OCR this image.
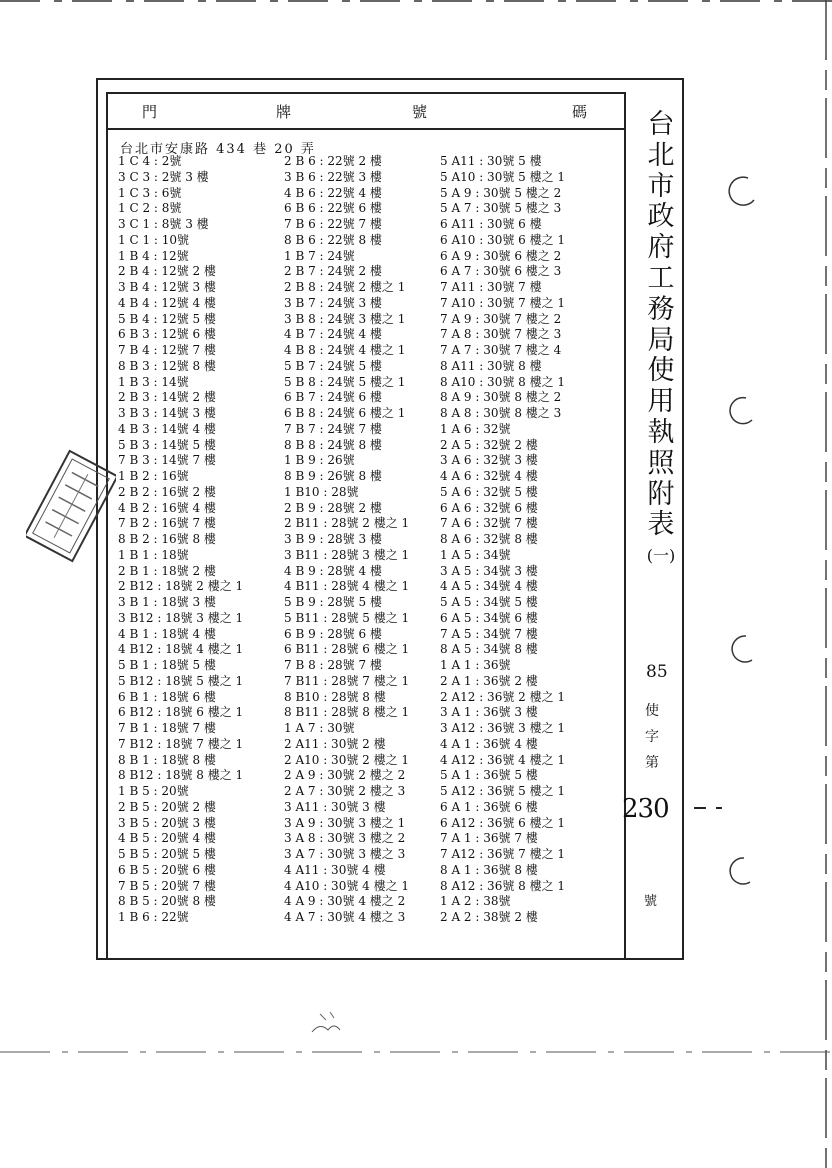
門	牌	號	碼
台北市安康路 434 巷 20 弄
1 C 4 : 2號
3 C 3 : 2號 3 樓
1 C 3 : 6號
1 C 2 : 8號
3 C 1 : 8號 3 樓
1 C 1 : 10號
1 B 4 : 12號
2 B 4 : 12號 2 樓
3 B 4 : 12號 3 樓
4 B 4 : 12號 4 樓
5 B 4 : 12號 5 樓
6 B 3 : 12號 6 樓
7 B 4 : 12號 7 樓
8 B 3 : 12號 8 樓
1 B 3 : 14號
2 B 3 : 14號 2 樓
3 B 3 : 14號 3 樓
4 B 3 : 14號 4 樓
5 B 3 : 14號 5 樓
7 B 3 : 14號 7 樓
1 B 2 : 16號
2 B 2 : 16號 2 樓
4 B 2 : 16號 4 樓
7 B 2 : 16號 7 樓
8 B 2 : 16號 8 樓
1 B 1 : 18號
2 B 1 : 18號 2 樓
2 B12 : 18號 2 樓之 1
3 B 1 : 18號 3 樓
3 B12 : 18號 3 樓之 1
4 B 1 : 18號 4 樓
4 B12 : 18號 4 樓之 1
5 B 1 : 18號 5 樓
5 B12 : 18號 5 樓之 1
6 B 1 : 18號 6 樓
6 B12 : 18號 6 樓之 1
7 B 1 : 18號 7 樓
7 B12 : 18號 7 樓之 1
8 B 1 : 18號 8 樓
8 B12 : 18號 8 樓之 1
1 B 5 : 20號
2 B 5 : 20號 2 樓
3 B 5 : 20號 3 樓
4 B 5 : 20號 4 樓
5 B 5 : 20號 5 樓
6 B 5 : 20號 6 樓
7 B 5 : 20號 7 樓
8 B 5 : 20號 8 樓
1 B 6 : 22號
2 B 6 : 22號 2 樓
3 B 6 : 22號 3 樓
4 B 6 : 22號 4 樓
6 B 6 : 22號 6 樓
7 B 6 : 22號 7 樓
8 B 6 : 22號 8 樓
1 B 7 : 24號
2 B 7 : 24號 2 樓
2 B 8 : 24號 2 樓之 1
3 B 7 : 24號 3 樓
3 B 8 : 24號 3 樓之 1
4 B 7 : 24號 4 樓
4 B 8 : 24號 4 樓之 1
5 B 7 : 24號 5 樓
5 B 8 : 24號 5 樓之 1
6 B 7 : 24號 6 樓
6 B 8 : 24號 6 樓之 1
7 B 7 : 24號 7 樓
8 B 8 : 24號 8 樓
1 B 9 : 26號
8 B 9 : 26號 8 樓
1 B10 : 28號
2 B 9 : 28號 2 樓
2 B11 : 28號 2 樓之 1
3 B 9 : 28號 3 樓
3 B11 : 28號 3 樓之 1
4 B 9 : 28號 4 樓
4 B11 : 28號 4 樓之 1
5 B 9 : 28號 5 樓
5 B11 : 28號 5 樓之 1
6 B 9 : 28號 6 樓
6 B11 : 28號 6 樓之 1
7 B 8 : 28號 7 樓
7 B11 : 28號 7 樓之 1
8 B10 : 28號 8 樓
8 B11 : 28號 8 樓之 1
1 A 7 : 30號
2 A11 : 30號 2 樓
2 A10 : 30號 2 樓之 1
2 A 9 : 30號 2 樓之 2
2 A 7 : 30號 2 樓之 3
3 A11 : 30號 3 樓
3 A 9 : 30號 3 樓之 1
3 A 8 : 30號 3 樓之 2
3 A 7 : 30號 3 樓之 3
4 A11 : 30號 4 樓
4 A10 : 30號 4 樓之 1
4 A 9 : 30號 4 樓之 2
4 A 7 : 30號 4 樓之 3
5 A11 : 30號 5 樓
5 A10 : 30號 5 樓之 1
5 A 9 : 30號 5 樓之 2
5 A 7 : 30號 5 樓之 3
6 A11 : 30號 6 樓
6 A10 : 30號 6 樓之 1
6 A 9 : 30號 6 樓之 2
6 A 7 : 30號 6 樓之 3
7 A11 : 30號 7 樓
7 A10 : 30號 7 樓之 1
7 A 9 : 30號 7 樓之 2
7 A 8 : 30號 7 樓之 3
7 A 7 : 30號 7 樓之 4
8 A11 : 30號 8 樓
8 A10 : 30號 8 樓之 1
8 A 9 : 30號 8 樓之 2
8 A 8 : 30號 8 樓之 3
1 A 6 : 32號
2 A 5 : 32號 2 樓
3 A 6 : 32號 3 樓
4 A 6 : 32號 4 樓
5 A 6 : 32號 5 樓
6 A 6 : 32號 6 樓
7 A 6 : 32號 7 樓
8 A 6 : 32號 8 樓
1 A 5 : 34號
3 A 5 : 34號 3 樓
4 A 5 : 34號 4 樓
5 A 5 : 34號 5 樓
6 A 5 : 34號 6 樓
7 A 5 : 34號 7 樓
8 A 5 : 34號 8 樓
1 A 1 : 36號
2 A 1 : 36號 2 樓
2 A12 : 36號 2 樓之 1
3 A 1 : 36號 3 樓
3 A12 : 36號 3 樓之 1
4 A 1 : 36號 4 樓
4 A12 : 36號 4 樓之 1
5 A 1 : 36號 5 樓
5 A12 : 36號 5 樓之 1
6 A 1 : 36號 6 樓
6 A12 : 36號 6 樓之 1
7 A 1 : 36號 7 樓
7 A12 : 36號 7 樓之 1
8 A 1 : 36號 8 樓
8 A12 : 36號 8 樓之 1
1 A 2 : 38號
2 A 2 : 38號 2 樓
台
北
市
政
府
工
務
局
使
用
執
照
附
表
(一)
85
使
字
第
230
號
